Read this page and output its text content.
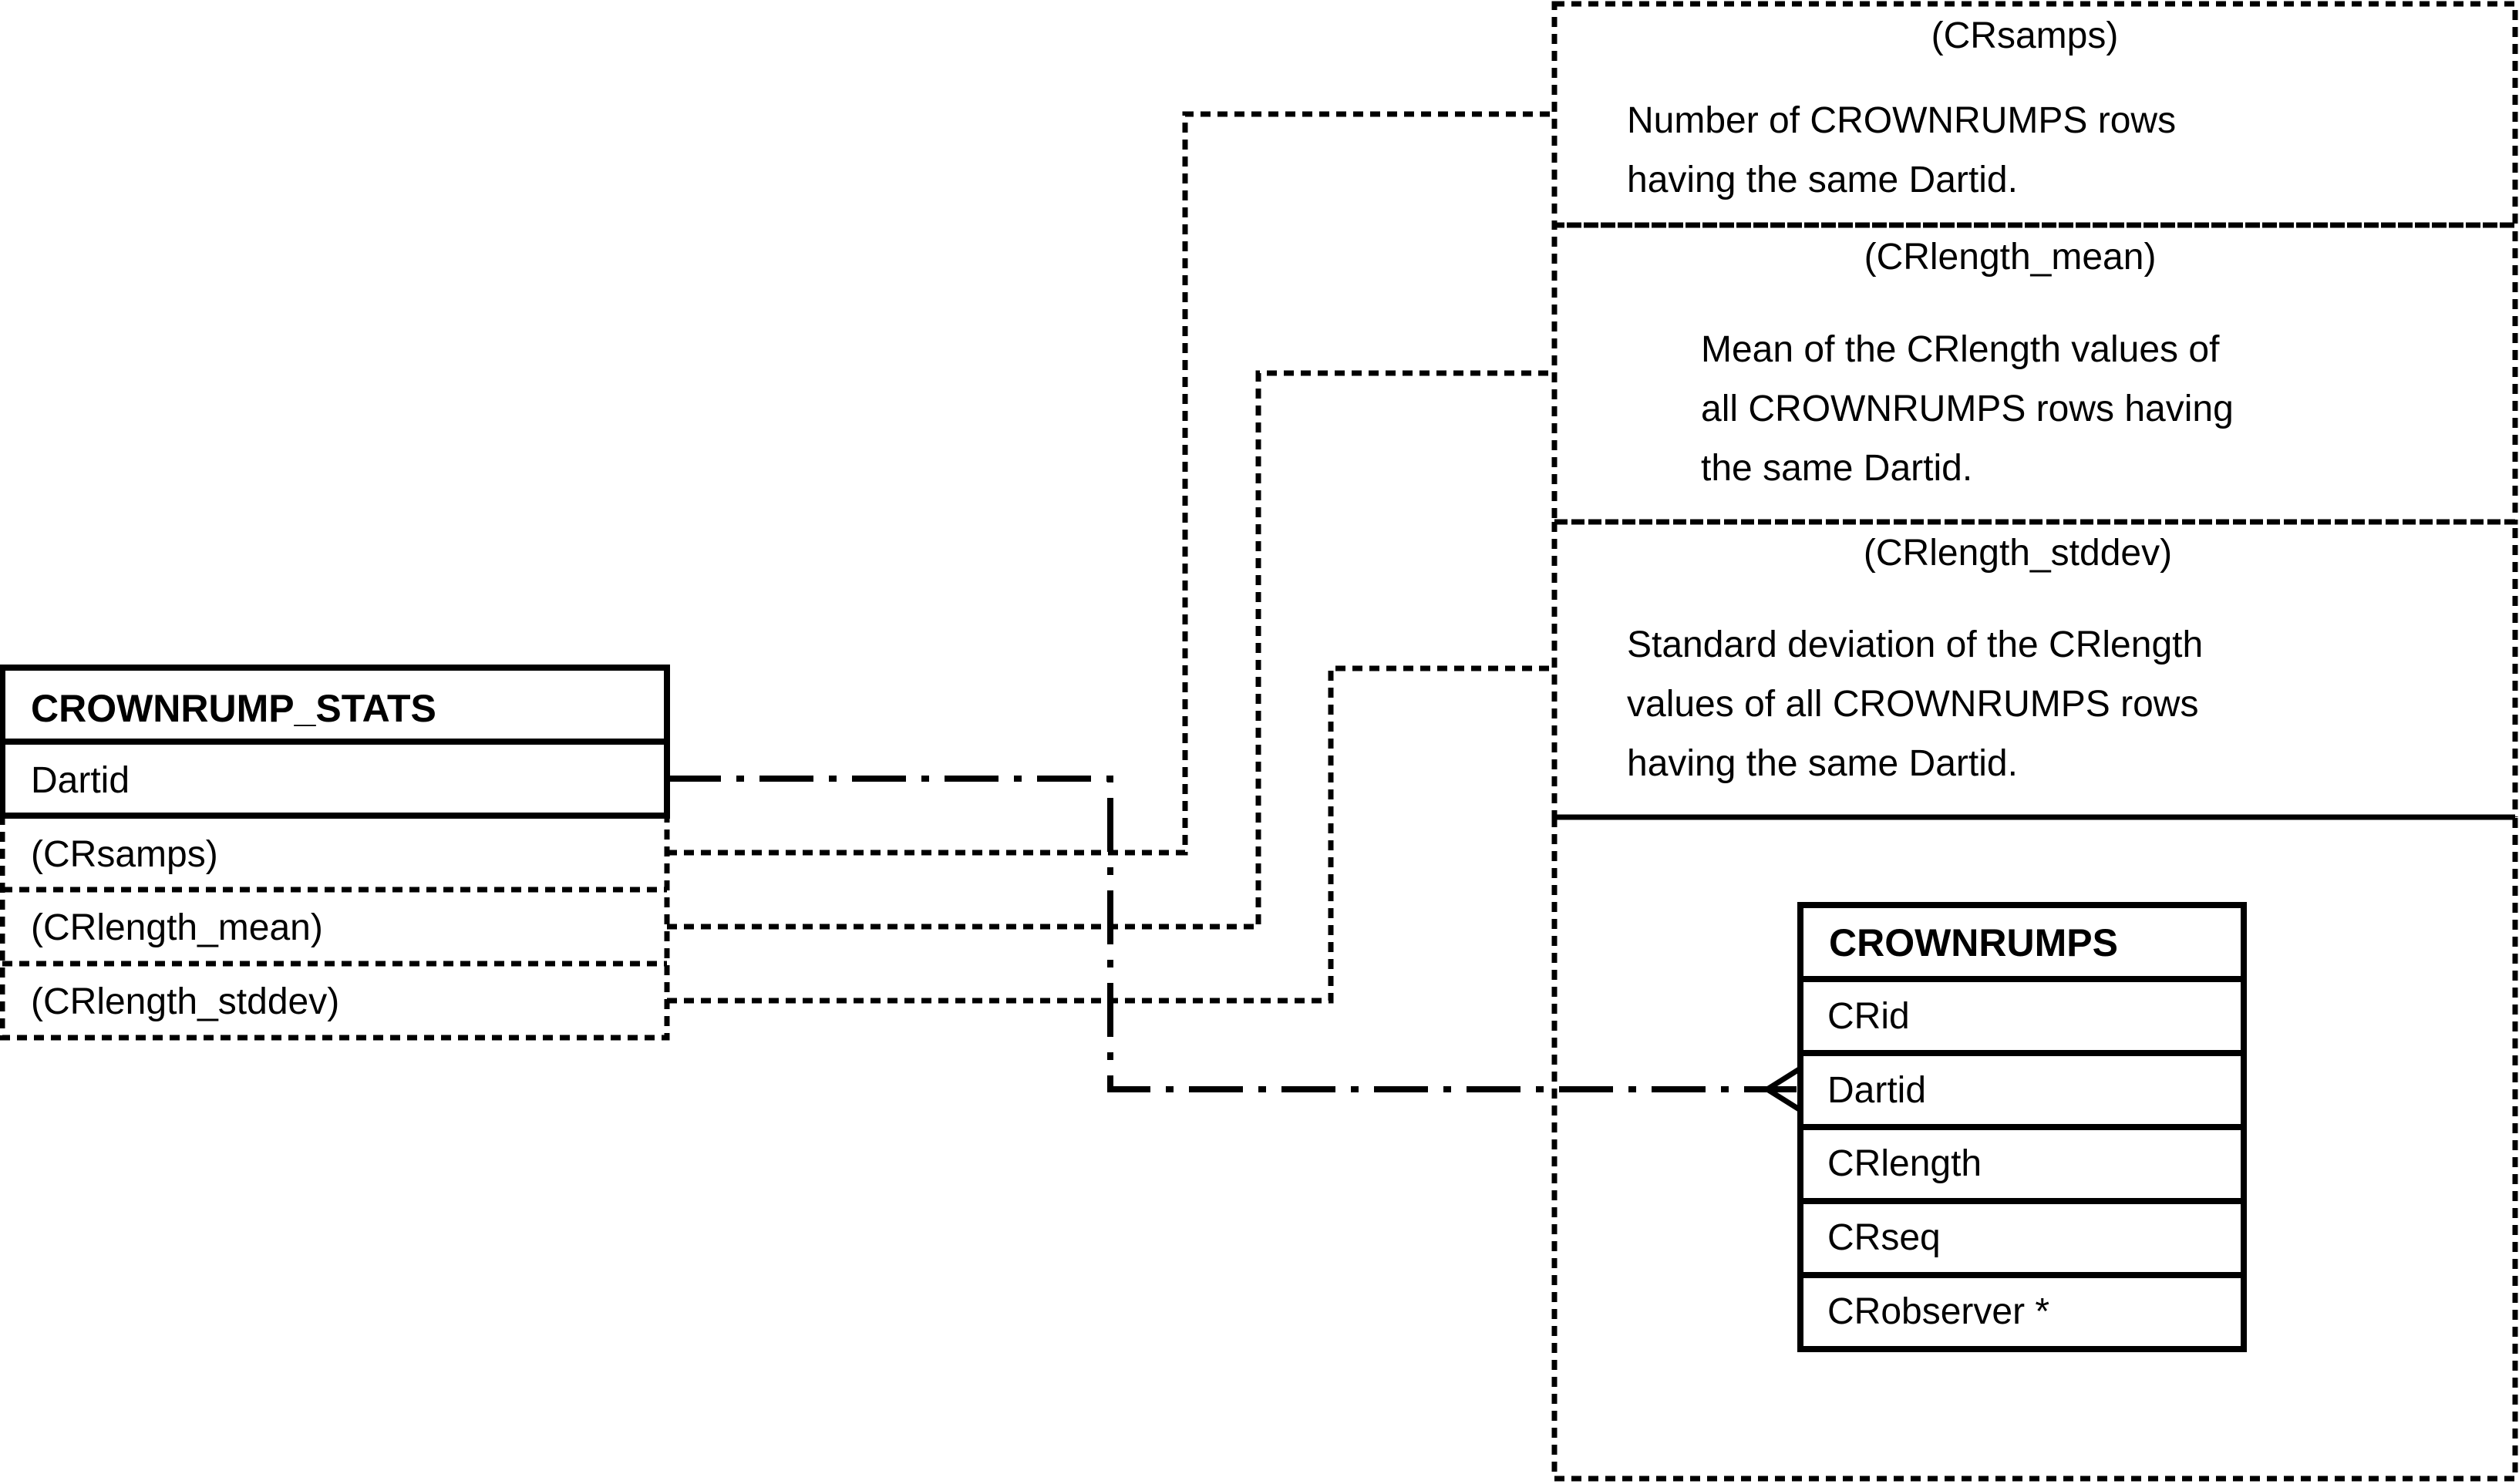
(CRsamps)
Number of CROWNRUMPS rows
having the same Dartid.
(CRlength_mean)
Mean of the CRlength values of
all CROWNRUMPS rows having
the same Dartid.
(CRlength_stddev)
Standard deviation of the CRlength
values of all CROWNRUMPS rows
having the same Dartid.
CROWNRUMP_STATS
Dartid
(CRsamps)
(CRlength_mean)
(CRlength_stddev)
CROWNRUMPS
CRid
Dartid
CRlength
CRseq
CRobserver *
